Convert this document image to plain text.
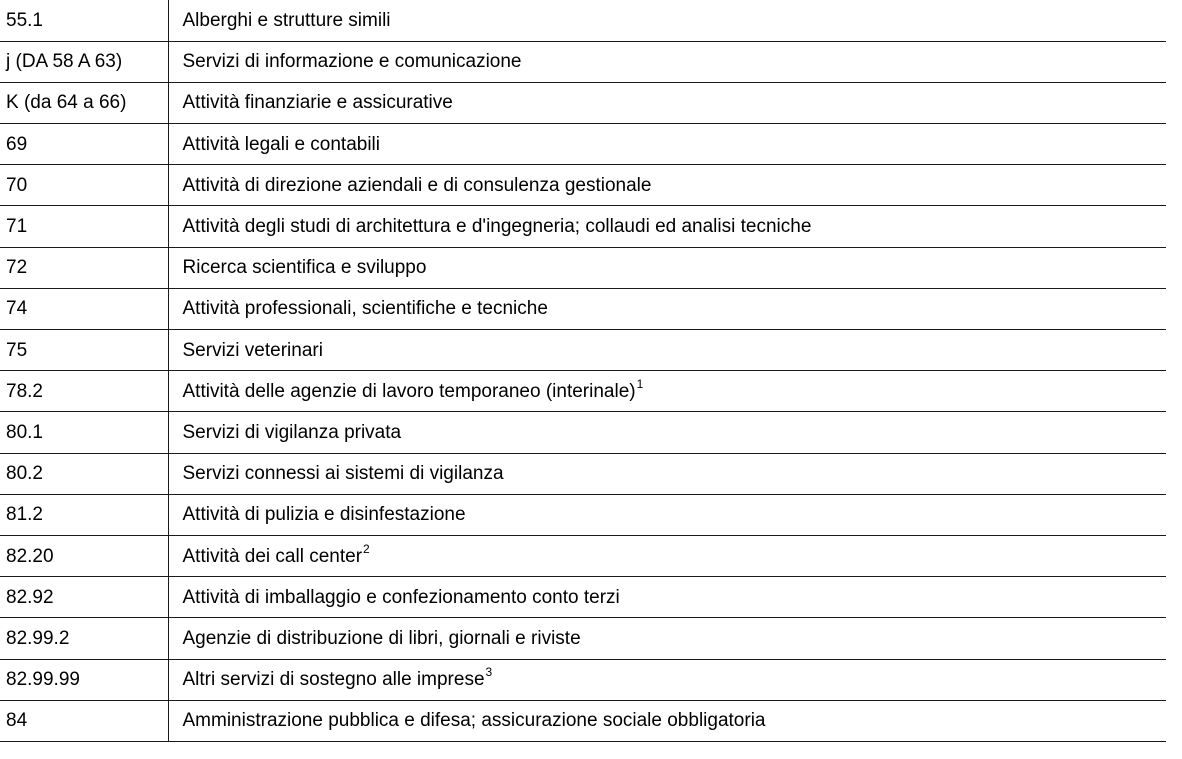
55.1	Alberghi e strutture simili
j (DA 58 A 63)	Servizi di informazione e comunicazione
K (da 64 a 66)	Attività finanziarie e assicurative
69	Attività legali e contabili
70	Attività di direzione aziendali e di consulenza gestionale
71	Attività degli studi di architettura e d'ingegneria; collaudi ed analisi tecniche
72	Ricerca scientifica e sviluppo
74	Attività professionali, scientifiche e tecniche
75	Servizi veterinari
78.2	Attività delle agenzie di lavoro temporaneo (interinale)$^1$
80.1	Servizi di vigilanza privata
80.2	Servizi connessi ai sistemi di vigilanza
81.2	Attività di pulizia e disinfestazione
82.20	Attività dei call center$^2$
82.92	Attività di imballaggio e confezionamento conto terzi
82.99.2	Agenzie di distribuzione di libri, giornali e riviste
82.99.99	Altri servizi di sostegno alle imprese$^3$
84	Amministrazione pubblica e difesa; assicurazione sociale obbligatoria
